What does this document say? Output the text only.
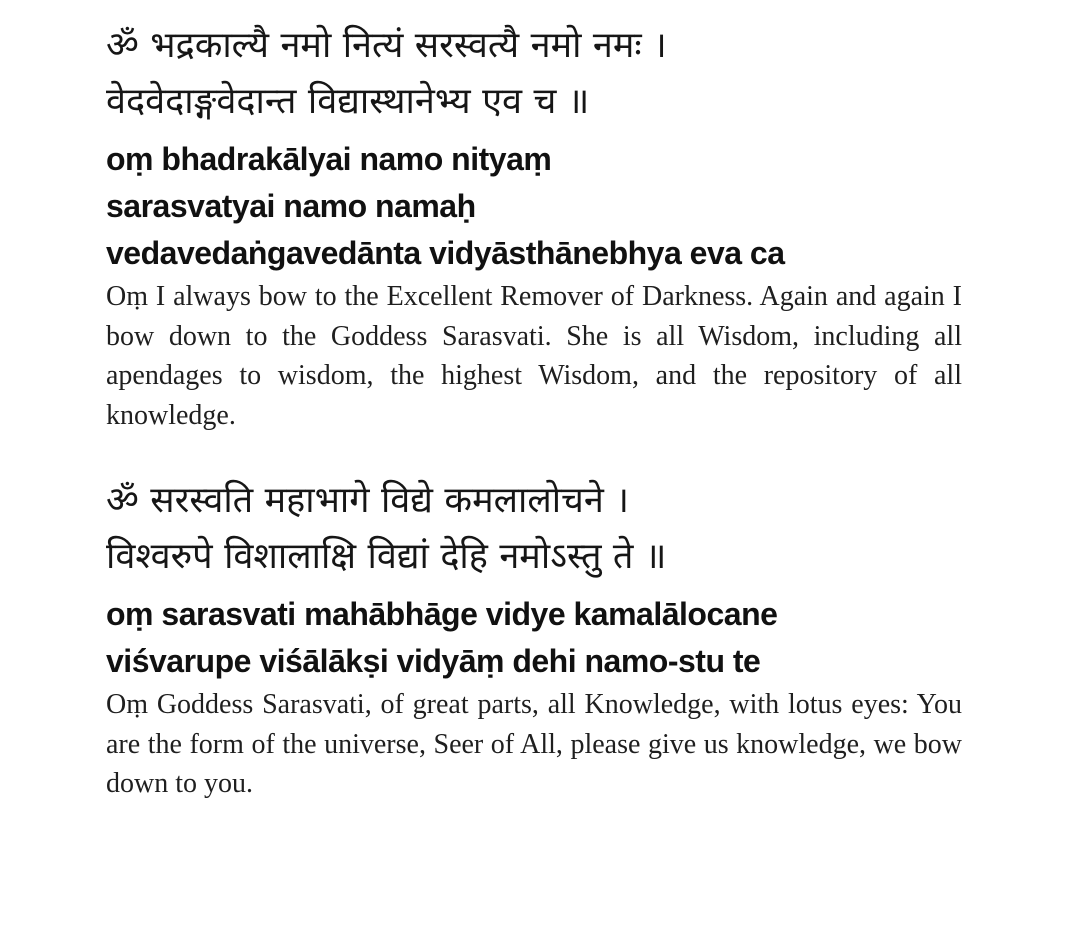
ॐ भद्रकाल्यै नमो नित्यं सरस्वत्यै नमो नमः ।
वेदवेदाङ्गवेदान्त विद्यास्थानेभ्य एव च ॥
oṃ bhadrakālyai namo nityaṃ
sarasvatyai namo namaḥ
vedavedaṅgavedānta vidyāsthānebhya eva ca

Oṃ I always bow to the Excellent Remover of Darkness. Again and again I bow down to the Goddess Sarasvati. She is all Wisdom, including all apendages to wisdom, the highest Wisdom, and the repository of all knowledge.

ॐ सरस्वति महाभागे विद्ये कमलालोचने ।
विश्वरुपे विशालाक्षि विद्यां देहि नमोऽस्तु ते ॥
oṃ sarasvati mahābhāge vidye kamalālocane
viśvarupe viśālākṣi vidyāṃ dehi namo-stu te

Oṃ Goddess Sarasvati, of great parts, all Knowledge, with lotus eyes: You are the form of the universe, Seer of All, please give us knowledge, we bow down to you.
